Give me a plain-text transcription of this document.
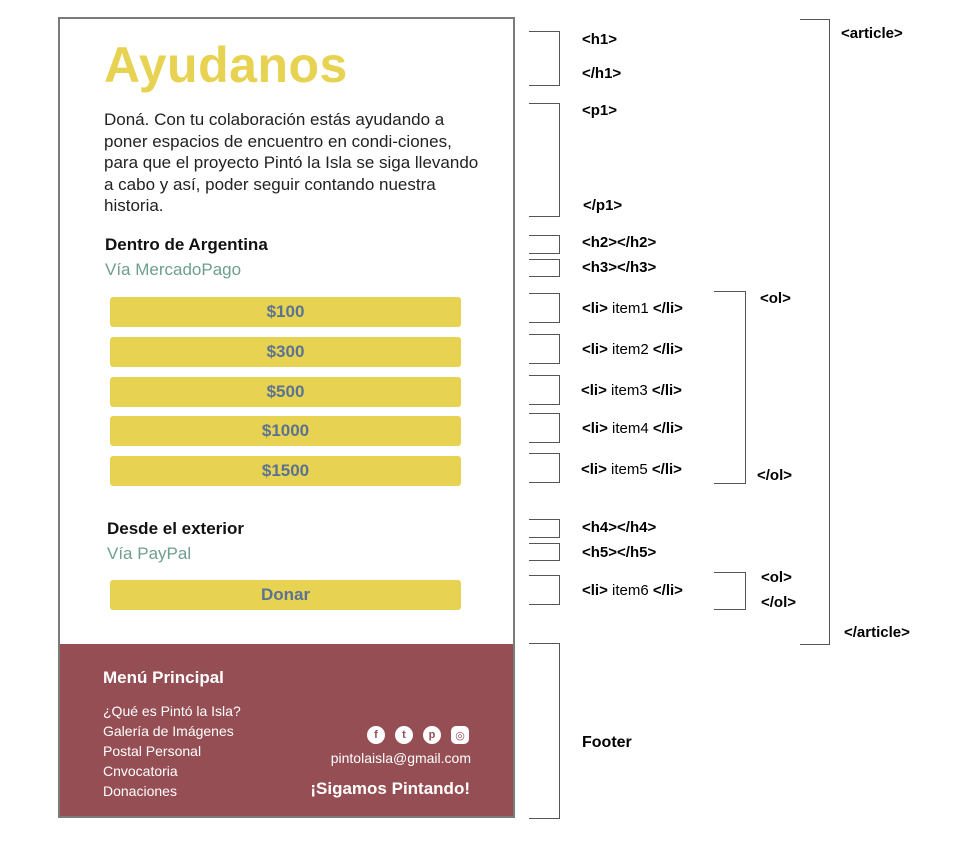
Ayudanos

Doná. Con tu colaboración estás ayudando a poner espacios de encuentro en condi-ciones, para que el proyecto Pintó la Isla se siga llevando a cabo y así, poder seguir contando nuestra historia.

Dentro de Argentina
Vía MercadoPago
$100
$300
$500
$1000
$1500
Desde el exterior
Vía PayPal
Donar
Menú Principal
¿Qué es Pintó la Isla?
Galería de Imágenes
Postal Personal
Cnvocatoria
Donaciones
f	t	p	◎
pintolaisla@gmail.com
¡Sigamos Pintando!
<h1>
</h1>
<p1>
</p1>
<h2></h2>
<h3></h3>
<li> item1 </li>
<li> item2 </li>
<li> item3 </li>
<li> item4 </li>
<li> item5 </li>
<ol>
</ol>
<h4></h4>
<h5></h5>
<li> item6 </li>
<ol>
</ol>
<article>
</article>
Footer
